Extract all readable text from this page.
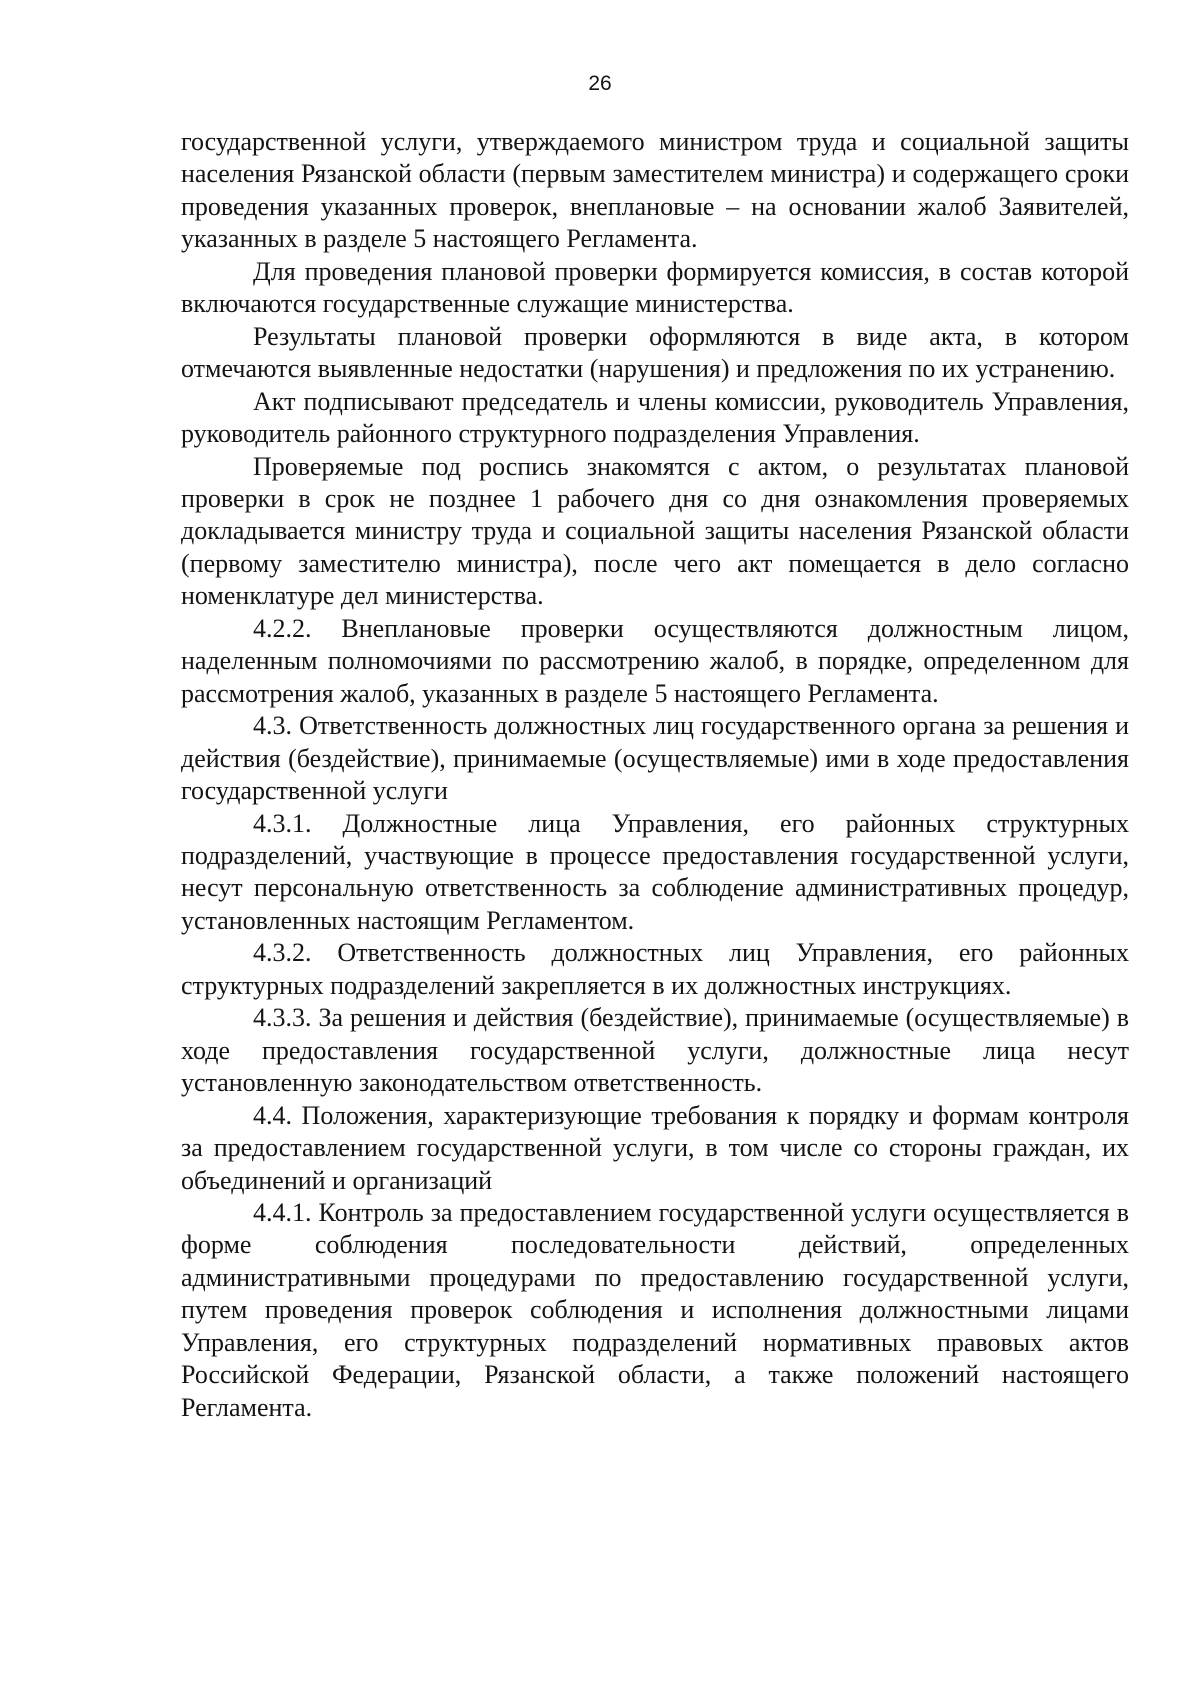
26

государственной услуги, утверждаемого министром труда и социальной защиты населения Рязанской области (первым заместителем министра) и содержащего сроки проведения указанных проверок, внеплановые – на основании жалоб Заявителей, указанных в разделе 5 настоящего Регламента.

Для проведения плановой проверки формируется комиссия, в состав которой включаются государственные служащие министерства.

Результаты плановой проверки оформляются в виде акта, в котором отмечаются выявленные недостатки (нарушения) и предложения по их устранению.

Акт подписывают председатель и члены комиссии, руководитель Управления, руководитель районного структурного подразделения Управления.

Проверяемые под роспись знакомятся с актом, о результатах плановой проверки в срок не позднее 1 рабочего дня со дня ознакомления проверяемых докладывается министру труда и социальной защиты населения Рязанской области (первому заместителю министра), после чего акт помещается в дело согласно номенклатуре дел министерства.

4.2.2. Внеплановые проверки осуществляются должностным лицом, наделенным полномочиями по рассмотрению жалоб, в порядке, определенном для рассмотрения жалоб, указанных в разделе 5 настоящего Регламента.

4.3. Ответственность должностных лиц государственного органа за решения и действия (бездействие), принимаемые (осуществляемые) ими в ходе предоставления государственной услуги

4.3.1. Должностные лица Управления, его районных структурных подразделений, участвующие в процессе предоставления государственной услуги, несут персональную ответственность за соблюдение административных процедур, установленных настоящим Регламентом.

4.3.2. Ответственность должностных лиц Управления, его районных структурных подразделений закрепляется в их должностных инструкциях.

4.3.3. За решения и действия (бездействие), принимаемые (осуществляемые) в ходе предоставления государственной услуги, должностные лица несут установленную законодательством ответственность.

4.4. Положения, характеризующие требования к порядку и формам контроля за предоставлением государственной услуги, в том числе со стороны граждан, их объединений и организаций

4.4.1. Контроль за предоставлением государственной услуги осуществляется в форме соблюдения последовательности действий, определенных административными процедурами по предоставлению государственной услуги, путем проведения проверок соблюдения и исполнения должностными лицами Управления, его структурных подразделений нормативных правовых актов Российской Федерации, Рязанской области, а также положений настоящего Регламента.
